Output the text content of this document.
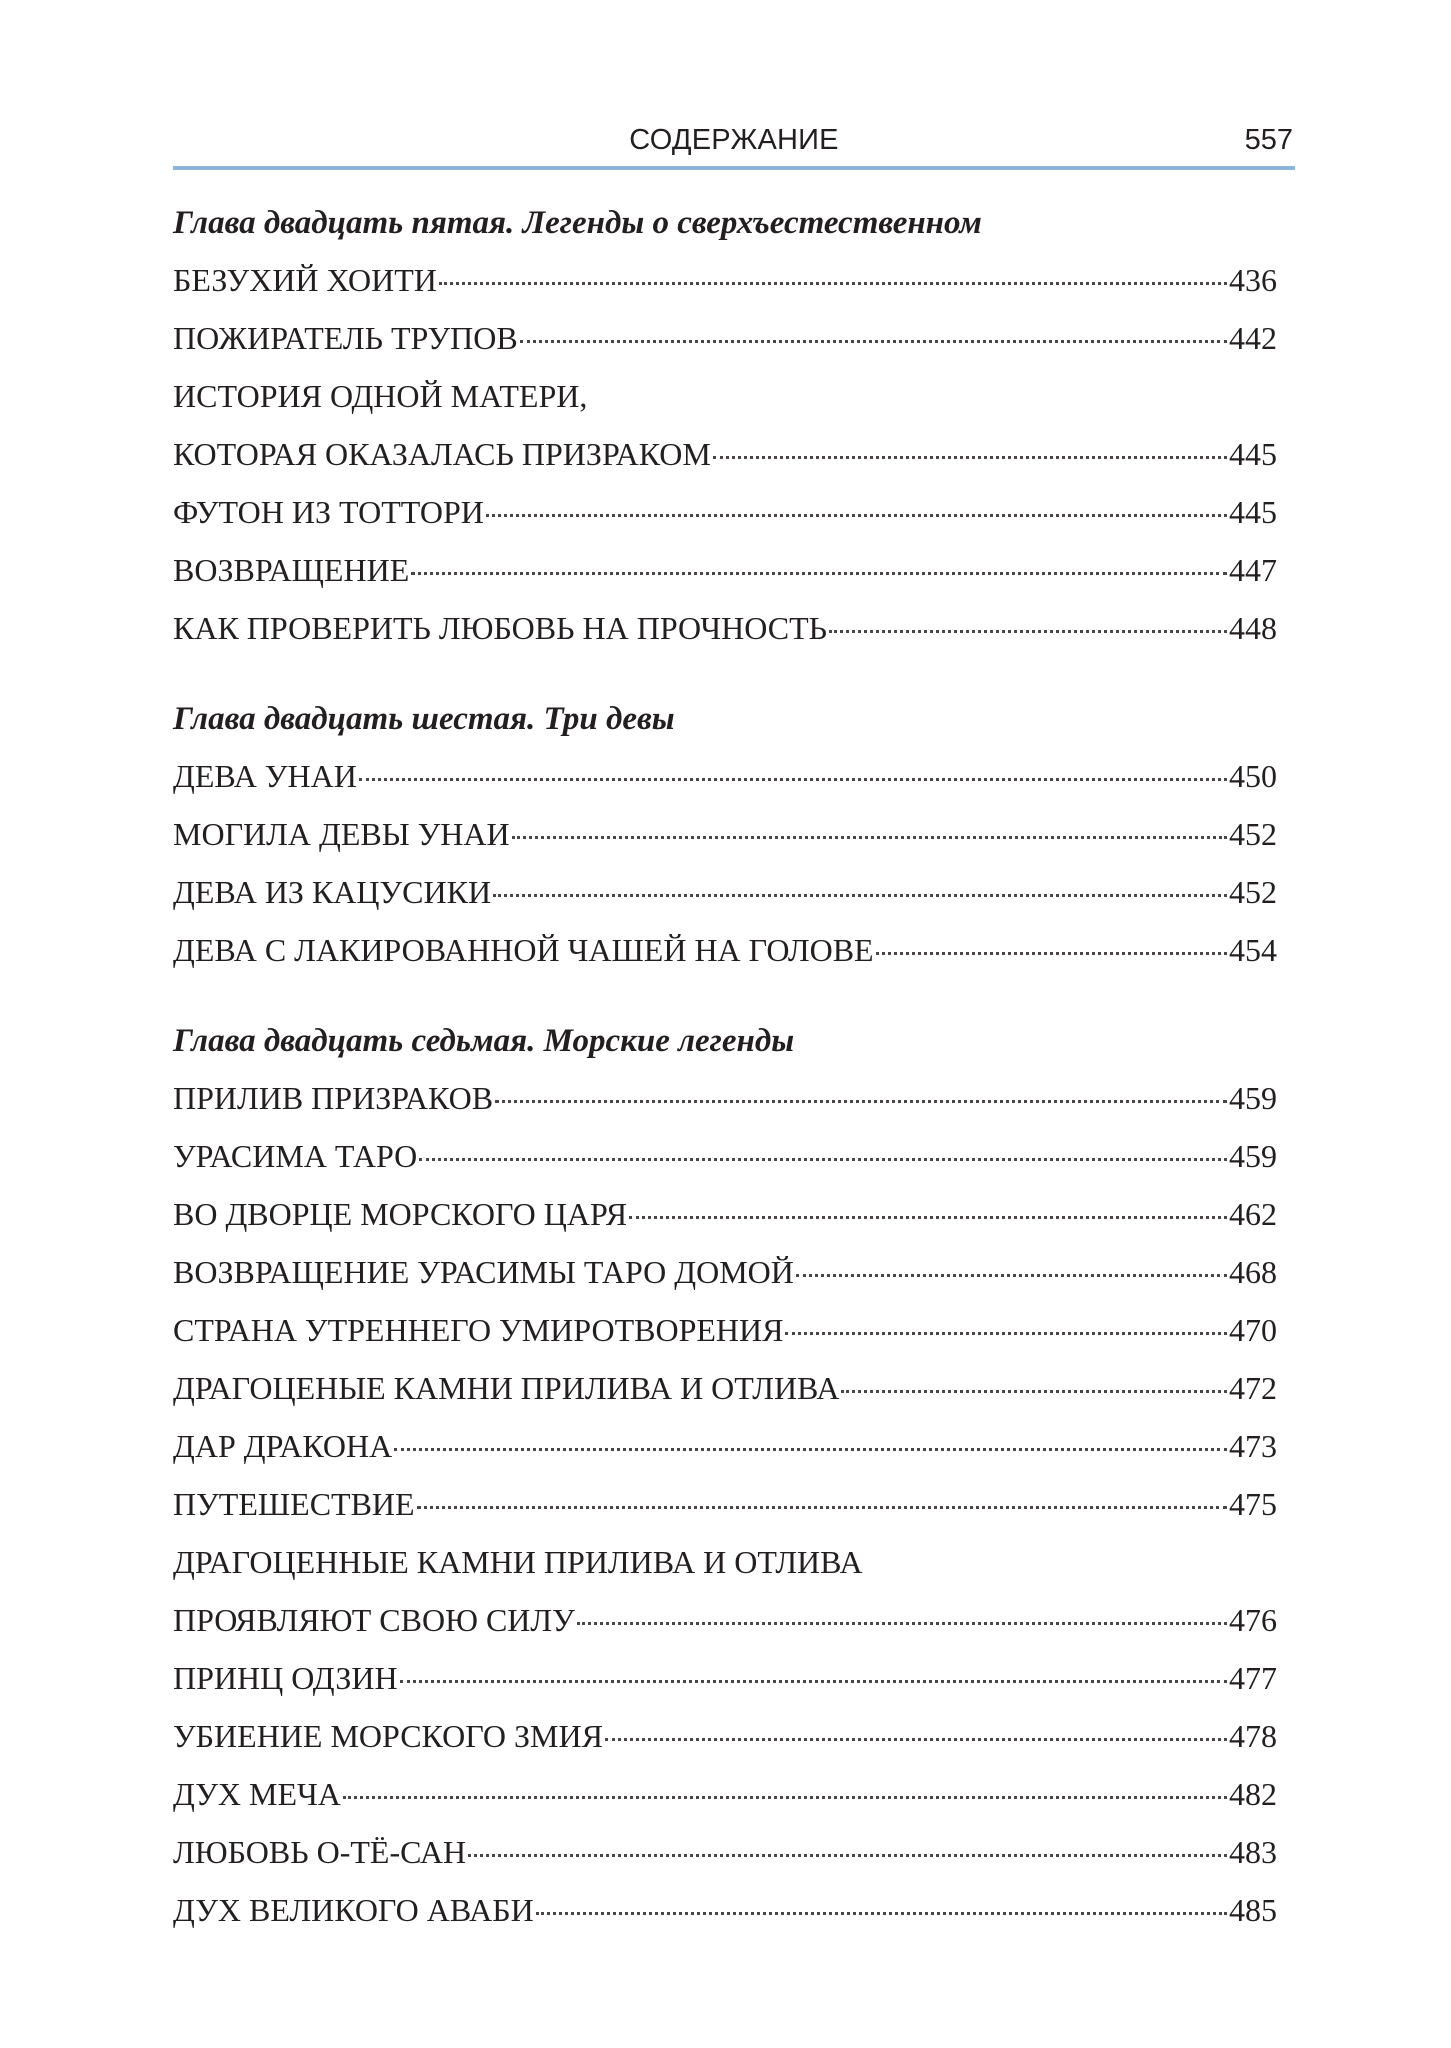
СОДЕРЖАНИЕ	557
Глава двадцать пятая. Легенды о сверхъестественном
БЕЗУХИЙ ХОИТИ	436
ПОЖИРАТЕЛЬ ТРУПОВ	442
ИСТОРИЯ ОДНОЙ МАТЕРИ,
КОТОРАЯ ОКАЗАЛАСЬ ПРИЗРАКОМ	445
ФУТОН ИЗ ТОТТОРИ	445
ВОЗВРАЩЕНИЕ	447
КАК ПРОВЕРИТЬ ЛЮБОВЬ НА ПРОЧНОСТЬ	448
Глава двадцать шестая. Три девы
ДЕВА УНАИ	450
МОГИЛА ДЕВЫ УНАИ	452
ДЕВА ИЗ КАЦУСИКИ	452
ДЕВА С ЛАКИРОВАННОЙ ЧАШЕЙ НА ГОЛОВЕ	454
Глава двадцать седьмая. Морские легенды
ПРИЛИВ ПРИЗРАКОВ	459
УРАСИМА ТАРО	459
ВО ДВОРЦЕ МОРСКОГО ЦАРЯ	462
ВОЗВРАЩЕНИЕ УРАСИМЫ ТАРО ДОМОЙ	468
СТРАНА УТРЕННЕГО УМИРОТВОРЕНИЯ	470
ДРАГОЦЕНЫЕ КАМНИ ПРИЛИВА И ОТЛИВА	472
ДАР ДРАКОНА	473
ПУТЕШЕСТВИЕ	475
ДРАГОЦЕННЫЕ КАМНИ ПРИЛИВА И ОТЛИВА
ПРОЯВЛЯЮТ СВОЮ СИЛУ	476
ПРИНЦ ОДЗИН	477
УБИЕНИЕ МОРСКОГО ЗМИЯ	478
ДУХ МЕЧА	482
ЛЮБОВЬ О-ТЁ-САН	483
ДУХ ВЕЛИКОГО АВАБИ	485
